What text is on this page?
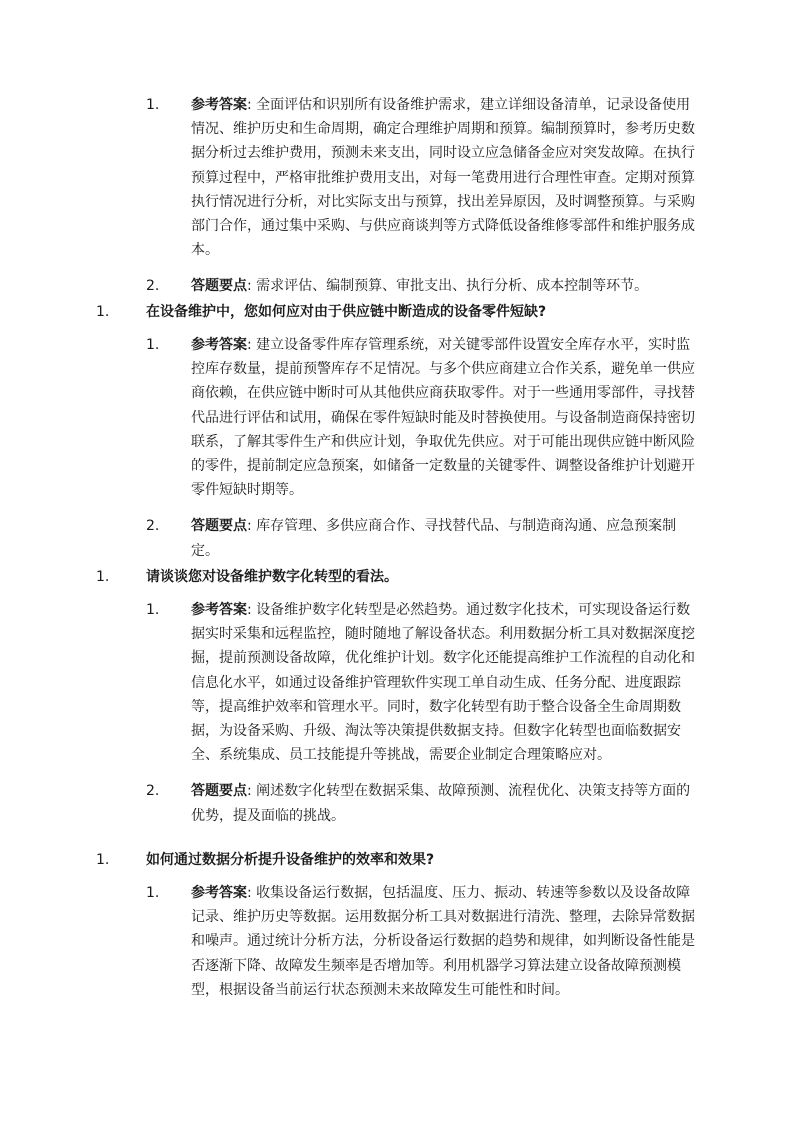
1. 参考答案: 全面评估和识别所有设备维护需求，建立详细设备清单，记录设备使用情况、维护历史和生命周期，确定合理维护周期和预算。编制预算时，参考历史数据分析过去维护费用，预测未来支出，同时设立应急储备金应对突发故障。在执行预算过程中，严格审批维护费用支出，对每一笔费用进行合理性审查。定期对预算执行情况进行分析，对比实际支出与预算，找出差异原因，及时调整预算。与采购部门合作，通过集中采购、与供应商谈判等方式降低设备维修零部件和维护服务成本。

2. 答题要点: 需求评估、编制预算、审批支出、执行分析、成本控制等环节。

1.	在设备维护中，您如何应对由于供应链中断造成的设备零件短缺?

1. 参考答案: 建立设备零件库存管理系统，对关键零部件设置安全库存水平，实时监控库存数量，提前预警库存不足情况。与多个供应商建立合作关系，避免单一供应商依赖，在供应链中断时可从其他供应商获取零件。对于一些通用零部件，寻找替代品进行评估和试用，确保在零件短缺时能及时替换使用。与设备制造商保持密切联系，了解其零件生产和供应计划，争取优先供应。对于可能出现供应链中断风险的零件，提前制定应急预案，如储备一定数量的关键零件、调整设备维护计划避开零件短缺时期等。

2. 答题要点: 库存管理、多供应商合作、寻找替代品、与制造商沟通、应急预案制定。

1.	请谈谈您对设备维护数字化转型的看法。

1. 参考答案: 设备维护数字化转型是必然趋势。通过数字化技术，可实现设备运行数据实时采集和远程监控，随时随地了解设备状态。利用数据分析工具对数据深度挖掘，提前预测设备故障，优化维护计划。数字化还能提高维护工作流程的自动化和信息化水平，如通过设备维护管理软件实现工单自动生成、任务分配、进度跟踪等，提高维护效率和管理水平。同时，数字化转型有助于整合设备全生命周期数据，为设备采购、升级、淘汰等决策提供数据支持。但数字化转型也面临数据安全、系统集成、员工技能提升等挑战，需要企业制定合理策略应对。

2. 答题要点: 阐述数字化转型在数据采集、故障预测、流程优化、决策支持等方面的优势，提及面临的挑战。

1.	如何通过数据分析提升设备维护的效率和效果?

1. 参考答案: 收集设备运行数据，包括温度、压力、振动、转速等参数以及设备故障记录、维护历史等数据。运用数据分析工具对数据进行清洗、整理，去除异常数据和噪声。通过统计分析方法，分析设备运行数据的趋势和规律，如判断设备性能是否逐渐下降、故障发生频率是否增加等。利用机器学习算法建立设备故障预测模型，根据设备当前运行状态预测未来故障发生可能性和时间。
